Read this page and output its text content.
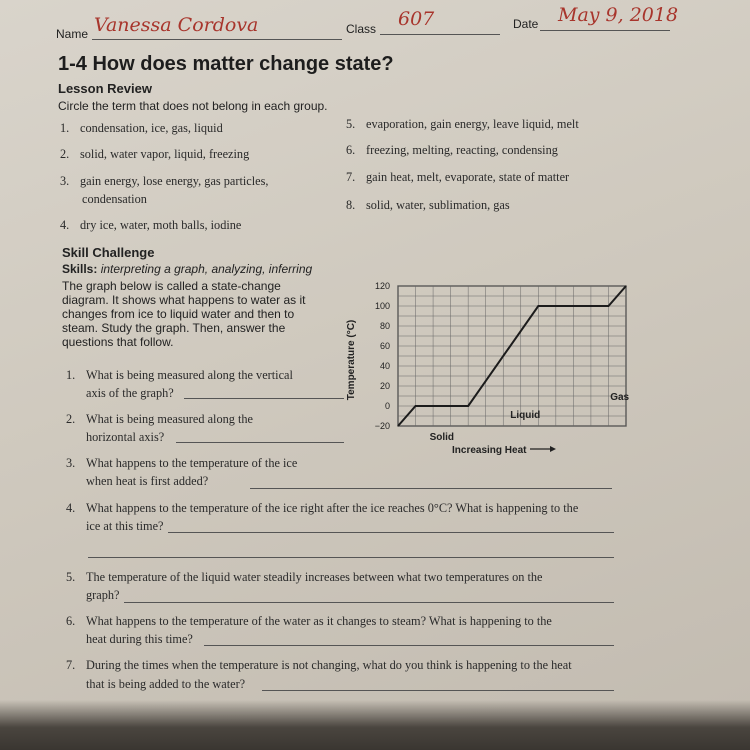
Name Vanessa Cordova	Class 607	Date May 9, 2018
1-4 How does matter change state?
Lesson Review
Circle the term that does not belong in each group.
1. condensation, ice, gas, liquid
2. solid, water vapor, liquid, freezing
3. gain energy, lose energy, gas particles,
condensation
4. dry ice, water, moth balls, iodine
5. evaporation, gain energy, leave liquid, melt
6. freezing, melting, reacting, condensing
7. gain heat, melt, evaporate, state of matter
8. solid, water, sublimation, gas
Skill Challenge
Skills: interpreting a graph, analyzing, inferring
The graph below is called a state-change
diagram. It shows what happens to water as it
changes from ice to liquid water and then to
steam. Study the graph. Then, answer the
questions that follow.
1. What is being measured along the vertical
axis of the graph?
2. What is being measured along the
horizontal axis?
120
100
80
60
40
20
0
−20
Temperature (°C)
Solid
Liquid
Gas
Increasing Heat
3. What happens to the temperature of the ice
when heat is first added?
4. What happens to the temperature of the ice right after the ice reaches 0°C? What is happening to the
ice at this time?
5. The temperature of the liquid water steadily increases between what two temperatures on the
graph?
6. What happens to the temperature of the water as it changes to steam? What is happening to the
heat during this time?
7. During the times when the temperature is not changing, what do you think is happening to the heat
that is being added to the water?
